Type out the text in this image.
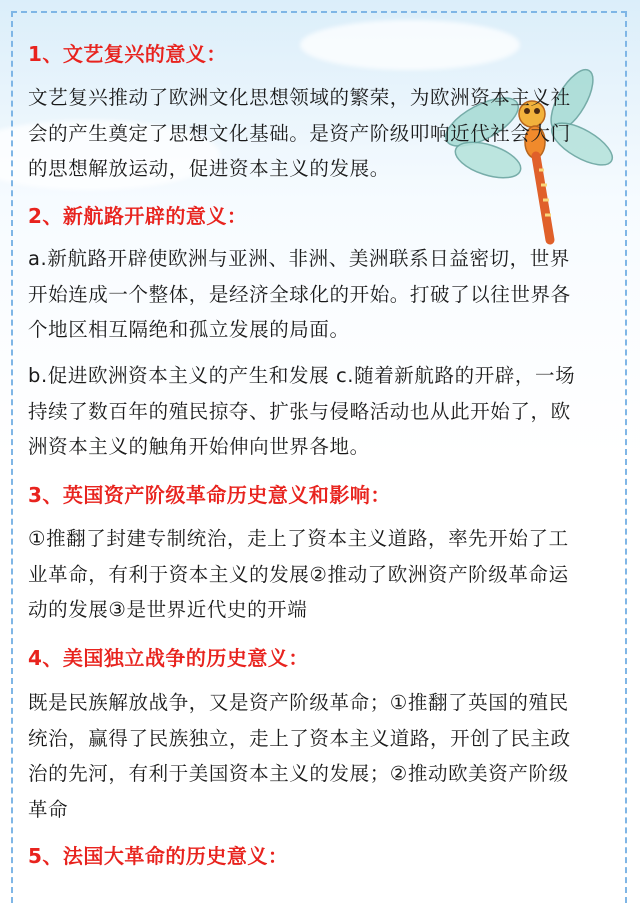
1、文艺复兴的意义：
文艺复兴推动了欧洲文化思想领域的繁荣，为欧洲资本主义社
会的产生奠定了思想文化基础。是资产阶级叩响近代社会大门
的思想解放运动，促进资本主义的发展。
2、新航路开辟的意义：
a.新航路开辟使欧洲与亚洲、非洲、美洲联系日益密切，世界
开始连成一个整体，是经济全球化的开始。打破了以往世界各
个地区相互隔绝和孤立发展的局面。
b.促进欧洲资本主义的产生和发展 c.随着新航路的开辟，一场
持续了数百年的殖民掠夺、扩张与侵略活动也从此开始了，欧
洲资本主义的触角开始伸向世界各地。
3、英国资产阶级革命历史意义和影响：
①推翻了封建专制统治，走上了资本主义道路，率先开始了工
业革命，有利于资本主义的发展②推动了欧洲资产阶级革命运
动的发展③是世界近代史的开端
4、美国独立战争的历史意义：
既是民族解放战争，又是资产阶级革命；①推翻了英国的殖民
统治，赢得了民族独立，走上了资本主义道路，开创了民主政
治的先河，有利于美国资本主义的发展；②推动欧美资产阶级
革命
5、法国大革命的历史意义：
